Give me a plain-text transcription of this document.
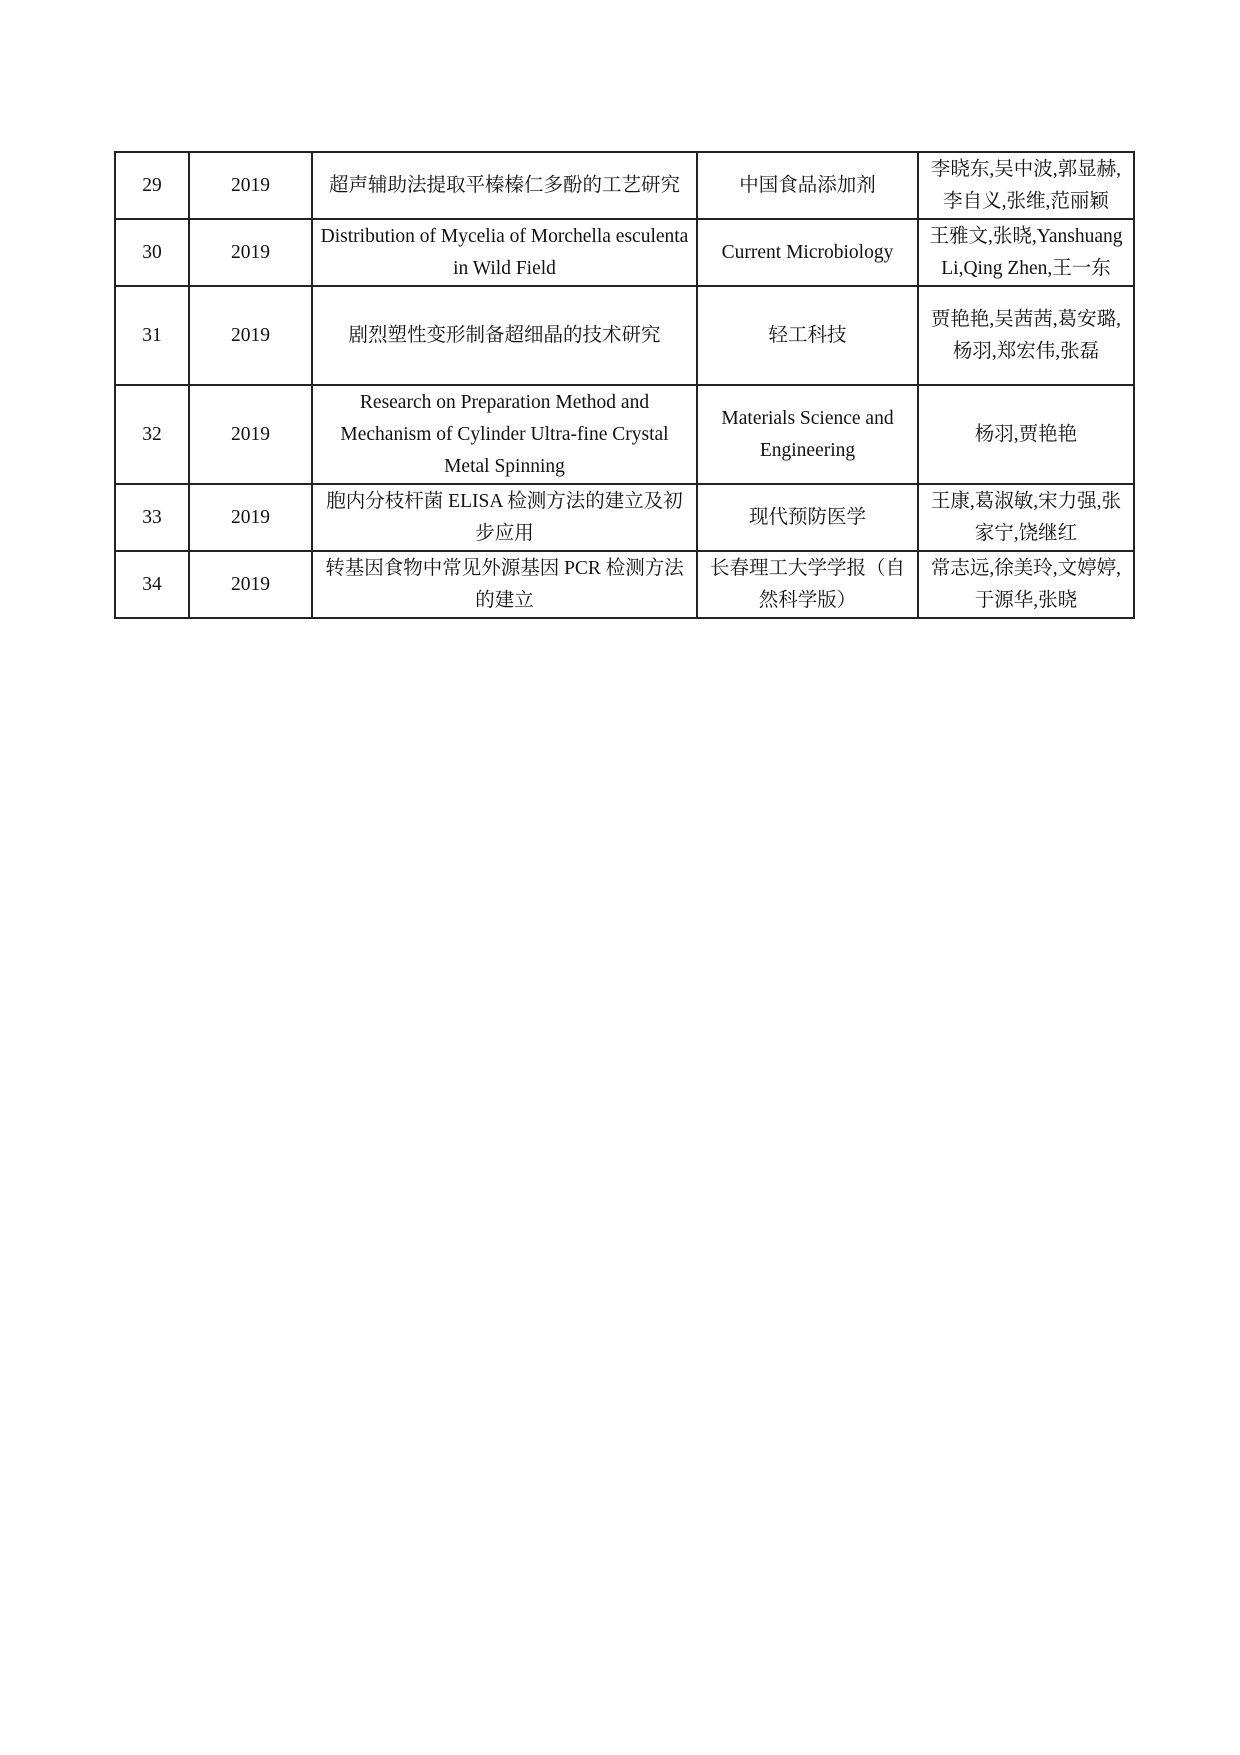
29	2019	超声辅助法提取平榛榛仁多酚的工艺研究	中国食品添加剂	李晓东,吴中波,郭显赫,李自义,张维,范丽颖
30	2019	Distribution of Mycelia of Morchella esculenta in Wild Field	Current Microbiology	王雅文,张晓,Yanshuang Li,Qing Zhen,王一东
31	2019	剧烈塑性变形制备超细晶的技术研究	轻工科技	贾艳艳,吴茜茜,葛安璐,杨羽,郑宏伟,张磊
32	2019	Research on Preparation Method and Mechanism of Cylinder Ultra-fine Crystal Metal Spinning	Materials Science and Engineering	杨羽,贾艳艳
33	2019	胞内分枝杆菌 ELISA 检测方法的建立及初步应用	现代预防医学	王康,葛淑敏,宋力强,张家宁,饶继红
34	2019	转基因食物中常见外源基因 PCR 检测方法的建立	长春理工大学学报（自然科学版）	常志远,徐美玲,文婷婷,于源华,张晓
